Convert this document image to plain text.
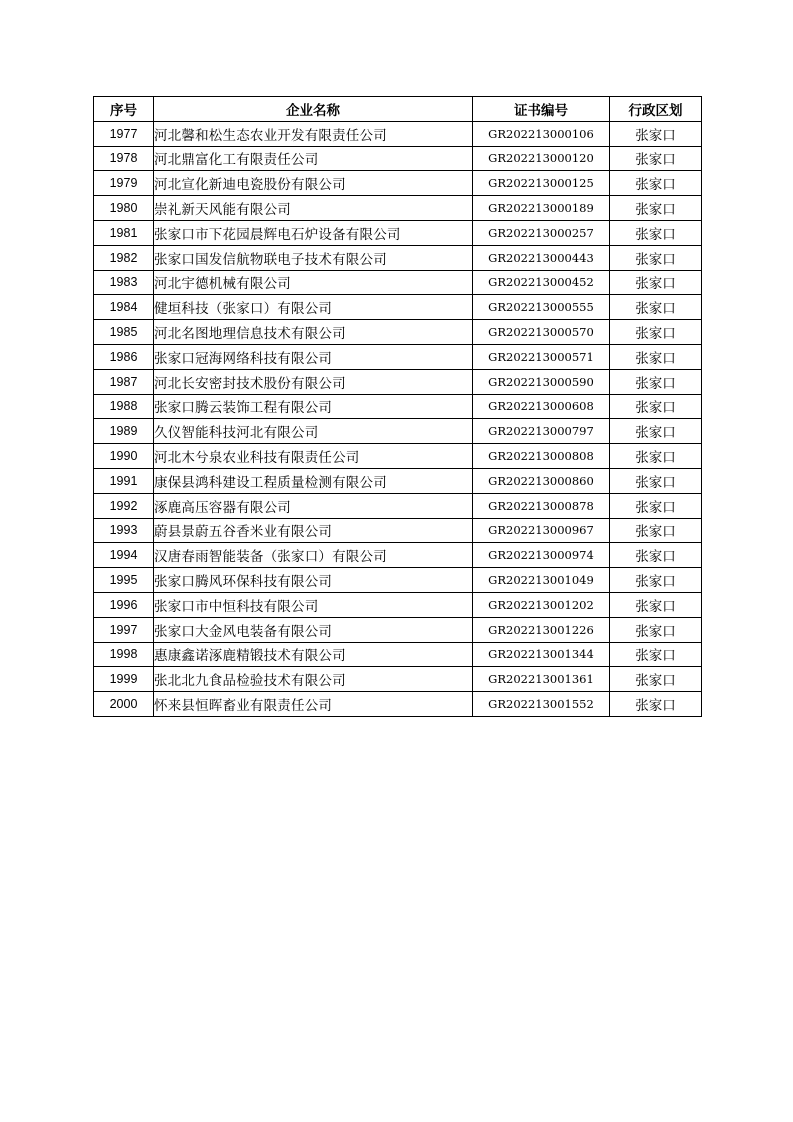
序号	企业名称	证书编号	行政区划
1977	河北馨和松生态农业开发有限责任公司	GR202213000106	张家口
1978	河北鼎富化工有限责任公司	GR202213000120	张家口
1979	河北宣化新迪电瓷股份有限公司	GR202213000125	张家口
1980	崇礼新天风能有限公司	GR202213000189	张家口
1981	张家口市下花园晨辉电石炉设备有限公司	GR202213000257	张家口
1982	张家口国发信航物联电子技术有限公司	GR202213000443	张家口
1983	河北宇德机械有限公司	GR202213000452	张家口
1984	健垣科技（张家口）有限公司	GR202213000555	张家口
1985	河北名图地理信息技术有限公司	GR202213000570	张家口
1986	张家口冠海网络科技有限公司	GR202213000571	张家口
1987	河北长安密封技术股份有限公司	GR202213000590	张家口
1988	张家口腾云装饰工程有限公司	GR202213000608	张家口
1989	久仪智能科技河北有限公司	GR202213000797	张家口
1990	河北木兮泉农业科技有限责任公司	GR202213000808	张家口
1991	康保县鸿科建设工程质量检测有限公司	GR202213000860	张家口
1992	涿鹿高压容器有限公司	GR202213000878	张家口
1993	蔚县景蔚五谷香米业有限公司	GR202213000967	张家口
1994	汉唐春雨智能装备（张家口）有限公司	GR202213000974	张家口
1995	张家口腾风环保科技有限公司	GR202213001049	张家口
1996	张家口市中恒科技有限公司	GR202213001202	张家口
1997	张家口大金风电装备有限公司	GR202213001226	张家口
1998	惠康鑫诺涿鹿精锻技术有限公司	GR202213001344	张家口
1999	张北北九食品检验技术有限公司	GR202213001361	张家口
2000	怀来县恒晖畜业有限责任公司	GR202213001552	张家口
